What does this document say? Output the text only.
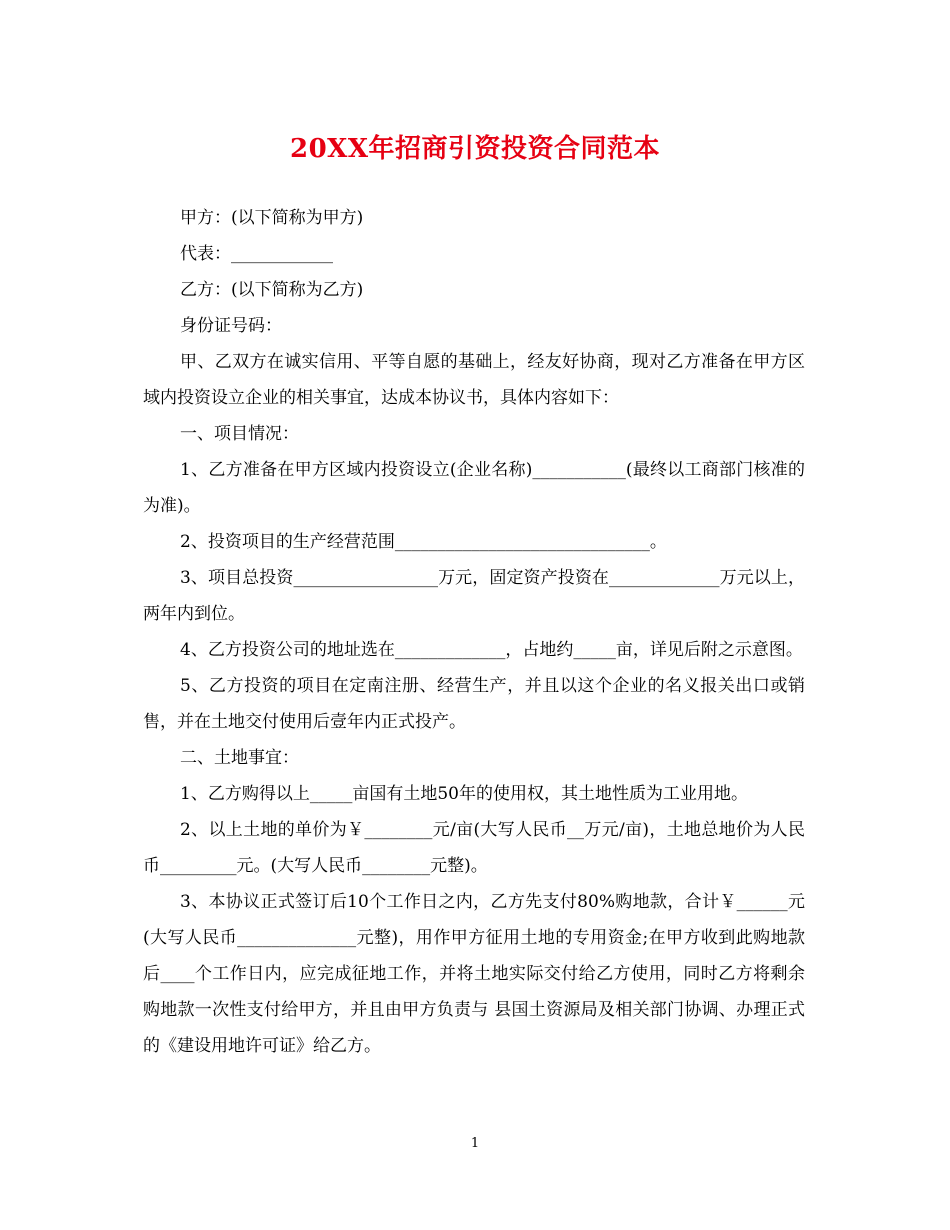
20XX年招商引资投资合同范本

甲方：(以下简称为甲方)

代表：____________

乙方：(以下简称为乙方)

身份证号码：

甲、乙双方在诚实信用、平等自愿的基础上，经友好协商，现对乙方准备在甲方区域内投资设立企业的相关事宜，达成本协议书，具体内容如下：

一、项目情况：

1、乙方准备在甲方区域内投资设立(企业名称)___________(最终以工商部门核准的为准)。

2、投资项目的生产经营范围______________________________。

3、项目总投资_________________万元，固定资产投资在_____________万元以上，两年内到位。

4、乙方投资公司的地址选在_____________，占地约_____亩，详见后附之示意图。

5、乙方投资的项目在定南注册、经营生产，并且以这个企业的名义报关出口或销售，并在土地交付使用后壹年内正式投产。

二、土地事宜：

1、乙方购得以上_____亩国有土地50年的使用权，其土地性质为工业用地。

2、以上土地的单价为￥________元/亩(大写人民币__万元/亩)，土地总地价为人民币_________元。(大写人民币________元整)。

3、本协议正式签订后10个工作日之内，乙方先支付80%购地款，合计￥______元(大写人民币______________元整)，用作甲方征用土地的专用资金;在甲方收到此购地款后____个工作日内，应完成征地工作，并将土地实际交付给乙方使用，同时乙方将剩余购地款一次性支付给甲方，并且由甲方负责与 县国土资源局及相关部门协调、办理正式的《建设用地许可证》给乙方。

1
